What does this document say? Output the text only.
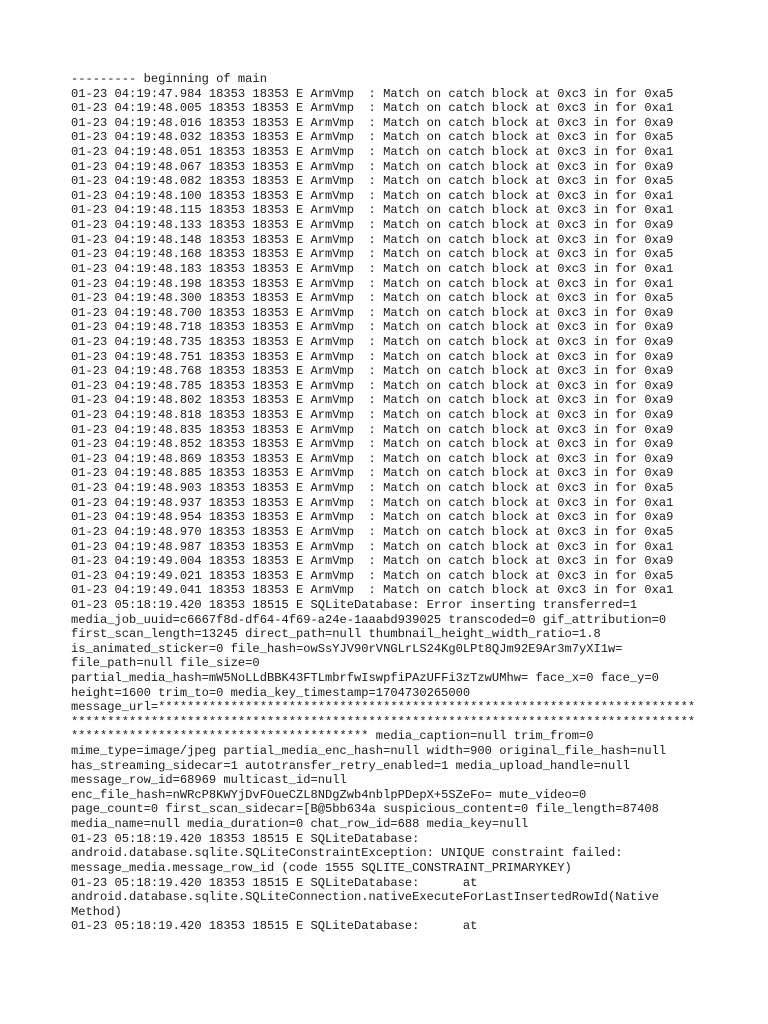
--------- beginning of main
01-23 04:19:47.984 18353 18353 E ArmVmp  : Match on catch block at 0xc3 in for 0xa5
01-23 04:19:48.005 18353 18353 E ArmVmp  : Match on catch block at 0xc3 in for 0xa1
01-23 04:19:48.016 18353 18353 E ArmVmp  : Match on catch block at 0xc3 in for 0xa9
01-23 04:19:48.032 18353 18353 E ArmVmp  : Match on catch block at 0xc3 in for 0xa5
01-23 04:19:48.051 18353 18353 E ArmVmp  : Match on catch block at 0xc3 in for 0xa1
01-23 04:19:48.067 18353 18353 E ArmVmp  : Match on catch block at 0xc3 in for 0xa9
01-23 04:19:48.082 18353 18353 E ArmVmp  : Match on catch block at 0xc3 in for 0xa5
01-23 04:19:48.100 18353 18353 E ArmVmp  : Match on catch block at 0xc3 in for 0xa1
01-23 04:19:48.115 18353 18353 E ArmVmp  : Match on catch block at 0xc3 in for 0xa1
01-23 04:19:48.133 18353 18353 E ArmVmp  : Match on catch block at 0xc3 in for 0xa9
01-23 04:19:48.148 18353 18353 E ArmVmp  : Match on catch block at 0xc3 in for 0xa9
01-23 04:19:48.168 18353 18353 E ArmVmp  : Match on catch block at 0xc3 in for 0xa5
01-23 04:19:48.183 18353 18353 E ArmVmp  : Match on catch block at 0xc3 in for 0xa1
01-23 04:19:48.198 18353 18353 E ArmVmp  : Match on catch block at 0xc3 in for 0xa1
01-23 04:19:48.300 18353 18353 E ArmVmp  : Match on catch block at 0xc3 in for 0xa5
01-23 04:19:48.700 18353 18353 E ArmVmp  : Match on catch block at 0xc3 in for 0xa9
01-23 04:19:48.718 18353 18353 E ArmVmp  : Match on catch block at 0xc3 in for 0xa9
01-23 04:19:48.735 18353 18353 E ArmVmp  : Match on catch block at 0xc3 in for 0xa9
01-23 04:19:48.751 18353 18353 E ArmVmp  : Match on catch block at 0xc3 in for 0xa9
01-23 04:19:48.768 18353 18353 E ArmVmp  : Match on catch block at 0xc3 in for 0xa9
01-23 04:19:48.785 18353 18353 E ArmVmp  : Match on catch block at 0xc3 in for 0xa9
01-23 04:19:48.802 18353 18353 E ArmVmp  : Match on catch block at 0xc3 in for 0xa9
01-23 04:19:48.818 18353 18353 E ArmVmp  : Match on catch block at 0xc3 in for 0xa9
01-23 04:19:48.835 18353 18353 E ArmVmp  : Match on catch block at 0xc3 in for 0xa9
01-23 04:19:48.852 18353 18353 E ArmVmp  : Match on catch block at 0xc3 in for 0xa9
01-23 04:19:48.869 18353 18353 E ArmVmp  : Match on catch block at 0xc3 in for 0xa9
01-23 04:19:48.885 18353 18353 E ArmVmp  : Match on catch block at 0xc3 in for 0xa9
01-23 04:19:48.903 18353 18353 E ArmVmp  : Match on catch block at 0xc3 in for 0xa5
01-23 04:19:48.937 18353 18353 E ArmVmp  : Match on catch block at 0xc3 in for 0xa1
01-23 04:19:48.954 18353 18353 E ArmVmp  : Match on catch block at 0xc3 in for 0xa9
01-23 04:19:48.970 18353 18353 E ArmVmp  : Match on catch block at 0xc3 in for 0xa5
01-23 04:19:48.987 18353 18353 E ArmVmp  : Match on catch block at 0xc3 in for 0xa1
01-23 04:19:49.004 18353 18353 E ArmVmp  : Match on catch block at 0xc3 in for 0xa9
01-23 04:19:49.021 18353 18353 E ArmVmp  : Match on catch block at 0xc3 in for 0xa5
01-23 04:19:49.041 18353 18353 E ArmVmp  : Match on catch block at 0xc3 in for 0xa1
01-23 05:18:19.420 18353 18515 E SQLiteDatabase: Error inserting transferred=1
media_job_uuid=c6667f8d-df64-4f69-a24e-1aaabd939025 transcoded=0 gif_attribution=0
first_scan_length=13245 direct_path=null thumbnail_height_width_ratio=1.8
is_animated_sticker=0 file_hash=owSsYJV90rVNGLrLS24Kg0LPt8QJm92E9Ar3m7yXI1w=
file_path=null file_size=0
partial_media_hash=mW5NoLLdBBK43FTLmbrfwIswpfiPAzUFFi3zTzwUMhw= face_x=0 face_y=0
height=1600 trim_to=0 media_key_timestamp=1704730265000
message_url=**************************************************************************
**************************************************************************************
***************************************** media_caption=null trim_from=0
mime_type=image/jpeg partial_media_enc_hash=null width=900 original_file_hash=null
has_streaming_sidecar=1 autotransfer_retry_enabled=1 media_upload_handle=null
message_row_id=68969 multicast_id=null
enc_file_hash=nWRcP8KWYjDvFOueCZL8NDgZwb4nblpPDepX+5SZeFo= mute_video=0
page_count=0 first_scan_sidecar=[B@5bb634a suspicious_content=0 file_length=87408
media_name=null media_duration=0 chat_row_id=688 media_key=null
01-23 05:18:19.420 18353 18515 E SQLiteDatabase:
android.database.sqlite.SQLiteConstraintException: UNIQUE constraint failed:
message_media.message_row_id (code 1555 SQLITE_CONSTRAINT_PRIMARYKEY)
01-23 05:18:19.420 18353 18515 E SQLiteDatabase:      at
android.database.sqlite.SQLiteConnection.nativeExecuteForLastInsertedRowId(Native
Method)
01-23 05:18:19.420 18353 18515 E SQLiteDatabase:      at
